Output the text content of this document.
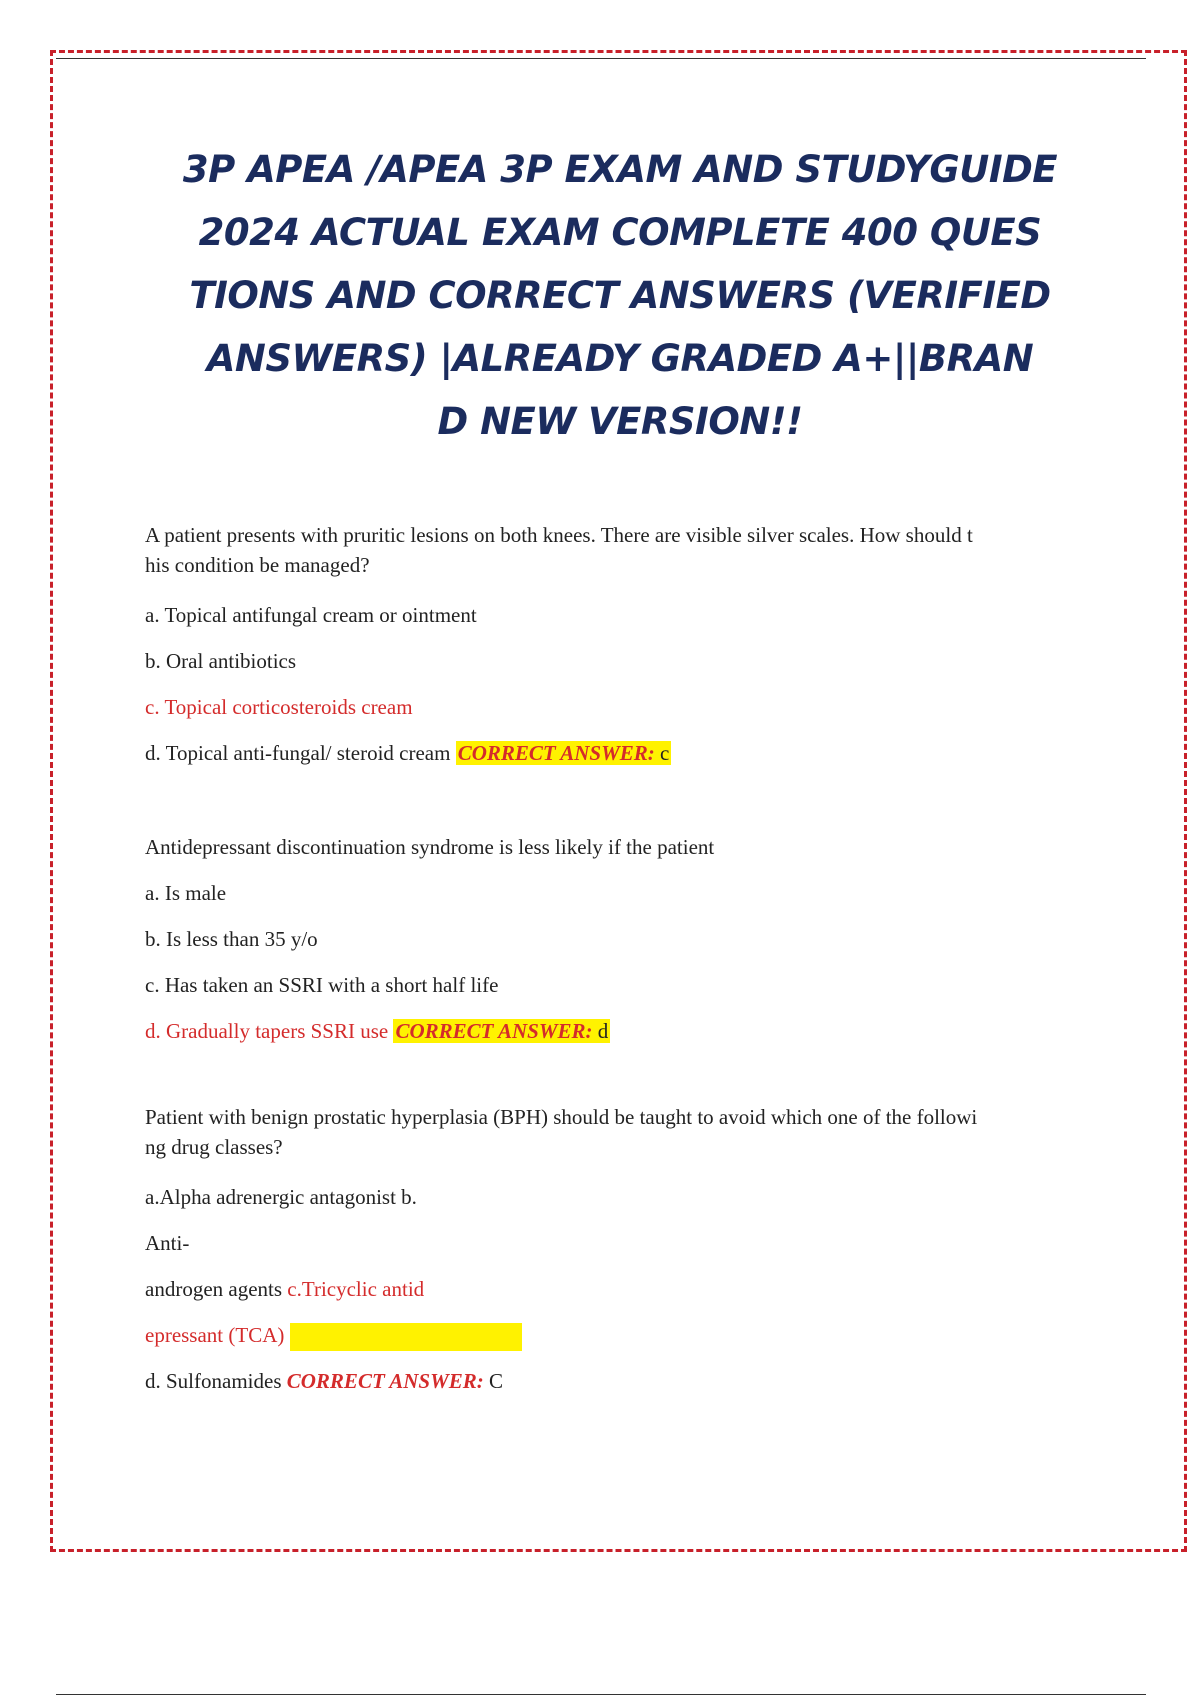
3P APEA /APEA 3P EXAM AND STUDYGUIDE
2024 ACTUAL EXAM COMPLETE 400 QUES
TIONS AND CORRECT ANSWERS (VERIFIED
ANSWERS) |ALREADY GRADED A+||BRAN
D NEW VERSION!!

A patient presents with pruritic lesions on both knees. There are visible silver scales. How should t
his condition be managed?

a. Topical antifungal cream or ointment

b. Oral antibiotics

c. Topical corticosteroids cream

d. Topical anti-fungal/ steroid cream CORRECT ANSWER: c

Antidepressant discontinuation syndrome is less likely if the patient

a. Is male

b. Is less than 35 y/o

c. Has taken an SSRI with a short half life

d. Gradually tapers SSRI use CORRECT ANSWER: d

Patient with benign prostatic hyperplasia (BPH) should be taught to avoid which one of the followi
ng drug classes?

a.Alpha adrenergic antagonist b.

Anti-

androgen agents c.Tricyclic antid

epressant (TCA)

d. Sulfonamides CORRECT ANSWER: C
